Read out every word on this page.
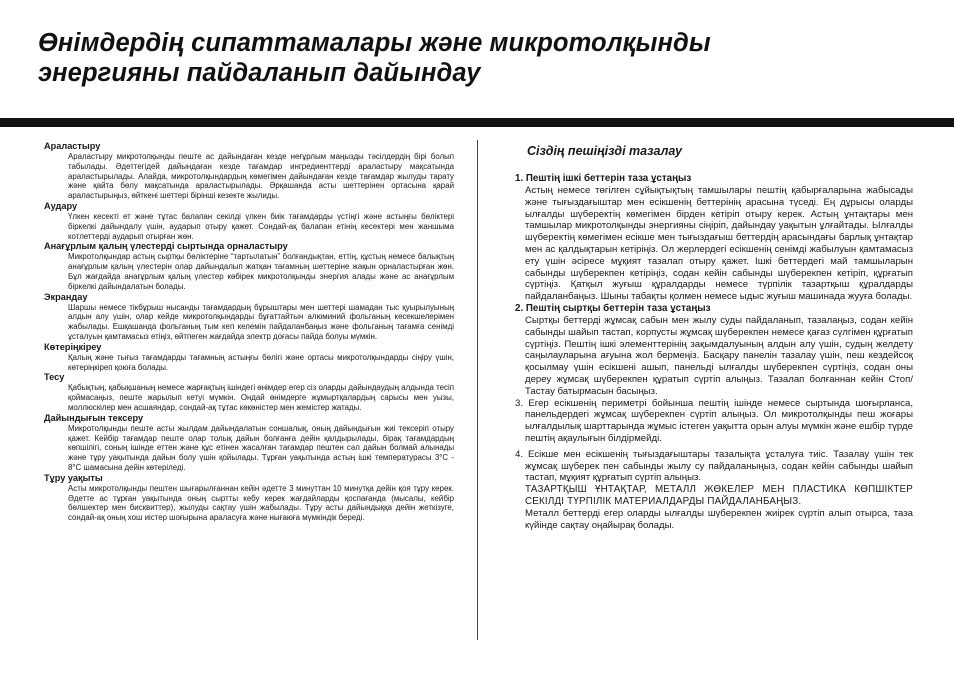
Өнімдердің сипаттамалары және микротолқынды
энергияны пайдаланып дайындау

Араластыру

Араластыру микротолқынды пеште ас дайындаған кезде неғұрлым маңызды тәсілдердің бірі болып табылады. Әдеттегідей дайындаған кезде тағамдар ингредиенттерді араластыру мақсатында араластырылады. Алайда, микротолқындардың көмегімен дайындаған кезде тағамдар жылуды тарату және қайта бөлу мақсатында араластырылады. Әрқашанда асты шеттерінен ортасына қарай араластырыңыз, өйткені шеттері бірінші кезекте жылиды.

Аудару

Үлкен кесекті ет және тұтас балапан секілді үлкен биік тағамдарды үстіңгі және астыңғы бөліктері біркелкі дайындалу үшін, аударып отыру қажет. Сондай-ақ балапан етінің кесектері мен жаншыма котлеттерді аударып отырған жөн.

Анағұрлым қалың үлестерді сыртында орналастыру

Микротолқындар астың сыртқы бөліктеріне “тартылатын” болғандықтан, еттің, құстың немесе балықтың анағұрлым қалың үлестерін олар дайындалып жатқан тағамның шеттеріне жақын орналастырған жөн. Бұл жағдайда анағұрлым қалың үлестер көбірек микротолқынды энергия алады және ас анағұрлым біркелкі дайындалатын болады.

Экрандау

Шаршы немесе тікбұрыш нысанды тағамдардың бұрыштары мен шеттері шамадан тыс қуырылуының алдын алу үшін, олар кейде микротолқындарды бұғаттайтын алюминий фольганың кесекшелерімен жабылады. Ешқашанда фольганың тым кеп келемін пайдаланбаңыз және фольганың тағамға сенімді ұсталуын қамтамасыз етіңіз, өйтпеген жағдайда электр доғасы пайда болуы мүмкін.

Көтеріңкіреу

Қалың және тығыз тағамдарды тағамның астыңғы бөлігі және ортасы микротолқындарды сіңіру үшін, көтеріңкіреп қоюға болады.

Тесу

Қабықтың, қабықшаның немесе жарғақтың ішіндегі өнімдер егер сіз оларды дайындаудың алдында тесіп қоймасаңыз, пеште жарылып кетуі мүмкін. Ондай өнімдерге жұмыртқалардың сарысы мен уызы, моллюскілер мен асшаяндар, сондай-ақ тұтас көкөністер мен жемістер жатады.

Дайындығын тексеру

Микротолқынды пеште асты жылдам дайындалатын соншалық, оның дайындығын жиі тексеріп отыру қажет. Кейбір тағамдар пеште олар толық дайын болғанға дейін қалдырылады, бірақ тағамдардың көпшілігі, соның ішінде еттен және құс етінен жасалған тағамдар пештен сәл дайын болмай алынады және тұру уақытында дайын болу үшін қойылады. Тұрған уақытында астың ішкі температурасы 3°C - 8°C шамасына дейін көтеріледі.

Тұру уақыты

Асты микротолқынды пештен шығарылғаннан кейін әдетте 3 минуттан 10 минутқа дейін қоя тұру керек. Әдетте ас тұрған уақытында оның сыртты кебу керек жағдайларды қоспағанда (мысалы, кейбір бөлшектер мен бисквиттер), жылуды сақтау үшін жабылады. Тұру асты дайындыққа дейін жеткізуге, сондай-ақ оның хош иістер шоғырына араласуға және нығаюға мүмкіндік береді.

Сіздің пешіңізді тазалау

1. Пештің ішкі беттерін таза ұстаңыз

Астың немесе төгілген сұйықтықтың тамшылары пештің қабырғаларына жабысады және тығыздағыштар мен есікшенің беттерінің арасына түседі. Ең дұрысы оларды ылғалды шүберектің көмегімен бірден кетіріп отыру керек. Астың ұнтақтары мен тамшылар микротолқынды энергияны сіңіріп, дайындау уақытын ұлғайтады. Ылғалды шүберектің көмегімен есікше мен тығыздағыш беттердің арасындағы барлық ұнтақтар мен ас қалдықтарын кетіріңіз. Ол жерлердегі есікшенің сенімді жабылуын қамтамасыз ету үшін әсіресе мұқият тазалап отыру қажет. Ішкі беттердегі май тамшыларын сабынды шүберекпен кетіріңіз, содан кейін сабынды шүберекпен кетіріп, құрғатып сүртіңіз. Қатқыл жуғыш құралдарды немесе түрпілік тазартқыш құралдарды пайдаланбаңыз. Шыны табақты қолмен немесе ыдыс жуғыш машинада жууға болады.

2. Пештің сыртқы беттерін таза ұстаңыз

Сыртқы беттерді жұмсақ сабын мен жылу суды пайдаланып, тазалаңыз, содан кейін сабынды шайып тастап, корпусты жұмсақ шүберекпен немесе қағаз сүлгімен құрғатып сүртіңіз. Пештің ішкі элементтерінің зақымдалуының алдын алу үшін, судың желдету саңылауларына ағуына жол бермеңіз. Басқару панелін тазалау үшін, пеш кездейсоқ қосылмау үшін есікшені ашып, панельді ылғалды шүберекпен сүртіңіз, содан оны дереу жұмсақ шүберекпен құратып сүртіп алыңыз. Тазалап болғаннан кейін Стоп/Тастау батырмасын басыңыз.

3. Егер есікшенің периметрі бойынша пештің ішінде немесе сыртында шоғырланса, панельдердегі жұмсақ шүберекпен сүртіп алыңыз. Ол микротолқынды пеш жоғары ылғалдылық шарттарында жұмыс істеген уақытта орын алуы мүмкін және ешбір түрде пештің ақаулығын білдірмейді.

4. Есікше мен есікшенің тығыздағыштары тазалықта ұсталуға тиіс. Тазалау үшін тек жұмсақ шүберек пен сабынды жылу су пайдаланыңыз, содан кейін сабынды шайып тастап, мұқият құрғатып сүртіп алыңыз.

ТАЗАРТҚЫШ ҰНТАҚТАР, МЕТАЛЛ ЖӨКЕЛЕР МЕН ПЛАСТИКА КӨПШІКТЕР СЕКІЛДІ ТҮРПІЛІК МАТЕРИАЛДАРДЫ ПАЙДАЛАНБАҢЫЗ.

Металл беттерді егер оларды ылғалды шүберекпен жиірек сүртіп алып отырса, таза күйінде сақтау оңайырақ болады.
